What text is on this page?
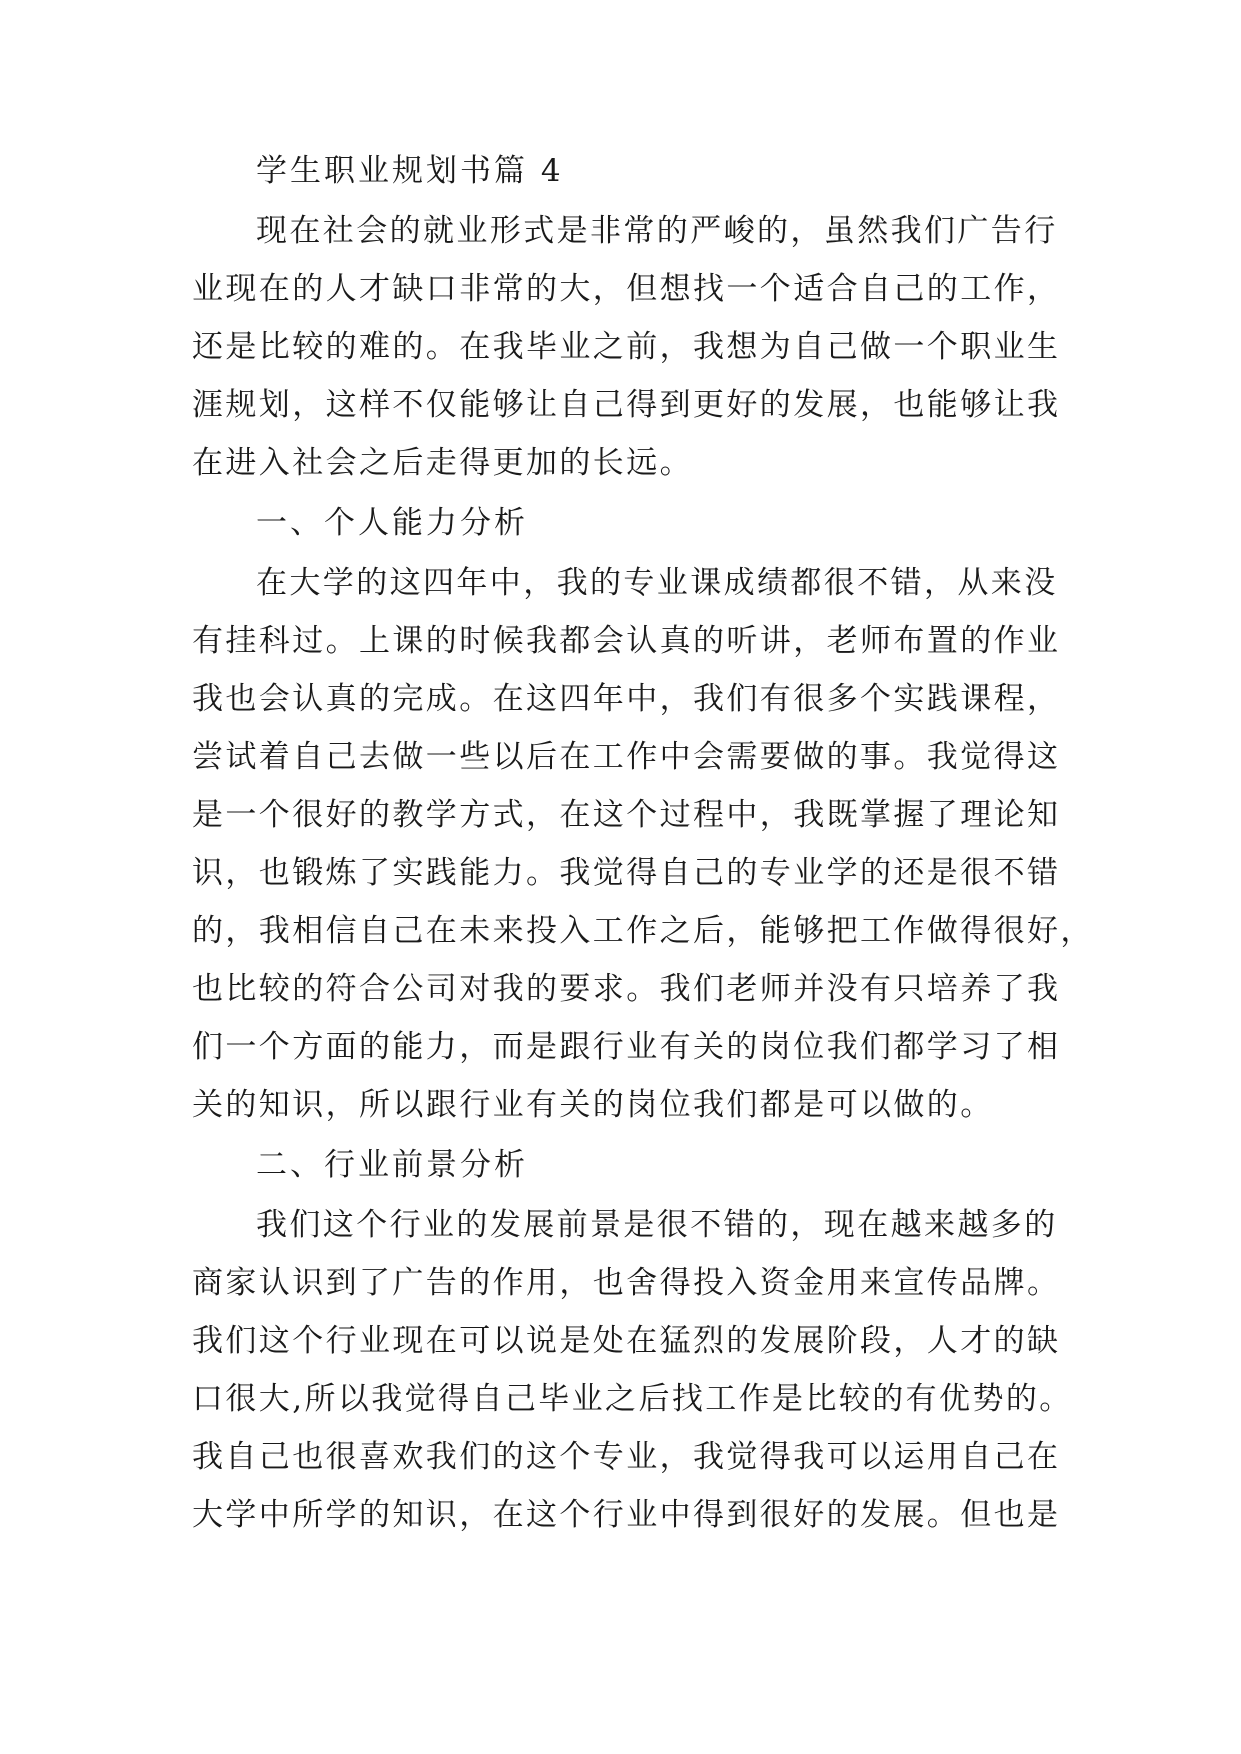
学生职业规划书篇 4
现在社会的就业形式是非常的严峻的，虽然我们广告行
业现在的人才缺口非常的大，但想找一个适合自己的工作，
还是比较的难的。在我毕业之前，我想为自己做一个职业生
涯规划，这样不仅能够让自己得到更好的发展，也能够让我
在进入社会之后走得更加的长远。
一、个人能力分析
在大学的这四年中，我的专业课成绩都很不错，从来没
有挂科过。上课的时候我都会认真的听讲，老师布置的作业
我也会认真的完成。在这四年中，我们有很多个实践课程，
尝试着自己去做一些以后在工作中会需要做的事。我觉得这
是一个很好的教学方式，在这个过程中，我既掌握了理论知
识，也锻炼了实践能力。我觉得自己的专业学的还是很不错
的，我相信自己在未来投入工作之后，能够把工作做得很好，
也比较的符合公司对我的要求。我们老师并没有只培养了我
们一个方面的能力，而是跟行业有关的岗位我们都学习了相
关的知识，所以跟行业有关的岗位我们都是可以做的。
二、行业前景分析
我们这个行业的发展前景是很不错的，现在越来越多的
商家认识到了广告的作用，也舍得投入资金用来宣传品牌。
我们这个行业现在可以说是处在猛烈的发展阶段，人才的缺
口很大,所以我觉得自己毕业之后找工作是比较的有优势的。
我自己也很喜欢我们的这个专业，我觉得我可以运用自己在
大学中所学的知识，在这个行业中得到很好的发展。但也是
